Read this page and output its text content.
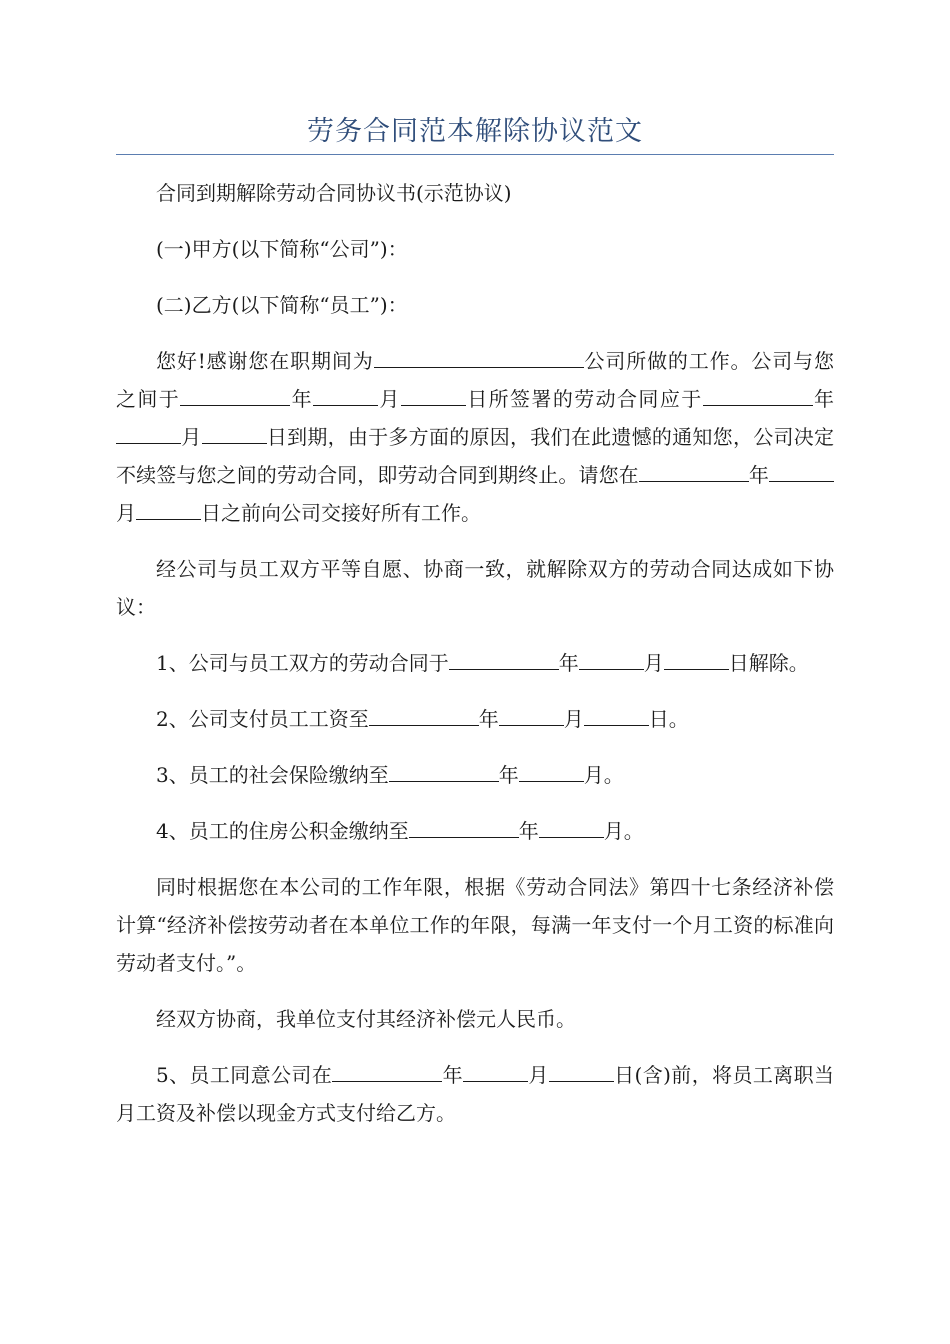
劳务合同范本解除协议范文

合同到期解除劳动合同协议书(示范协议)

(一)甲方(以下简称“公司”)：

(二)乙方(以下简称“员工”)：

您好!感谢您在职期间为	公司所做的工作。公司与您之间于	年	月	日所签署的劳动合同应于	年月	日到期，由于多方面的原因，我们在此遗憾的通知您，公司决定不续签与您之间的劳动合同，即劳动合同到期终止。请您在	年月	日之前向公司交接好所有工作。

经公司与员工双方平等自愿、协商一致，就解除双方的劳动合同达成如下协议：

1、公司与员工双方的劳动合同于	年	月	日解除。

2、公司支付员工工资至	年	月	日。

3、员工的社会保险缴纳至	年	月。

4、员工的住房公积金缴纳至	年	月。

同时根据您在本公司的工作年限，根据《劳动合同法》第四十七条经济补偿计算“经济补偿按劳动者在本单位工作的年限，每满一年支付一个月工资的标准向劳动者支付。”。

经双方协商，我单位支付其经济补偿元人民币。

5、员工同意公司在	年	月	日(含)前，将员工离职当月工资及补偿以现金方式支付给乙方。
